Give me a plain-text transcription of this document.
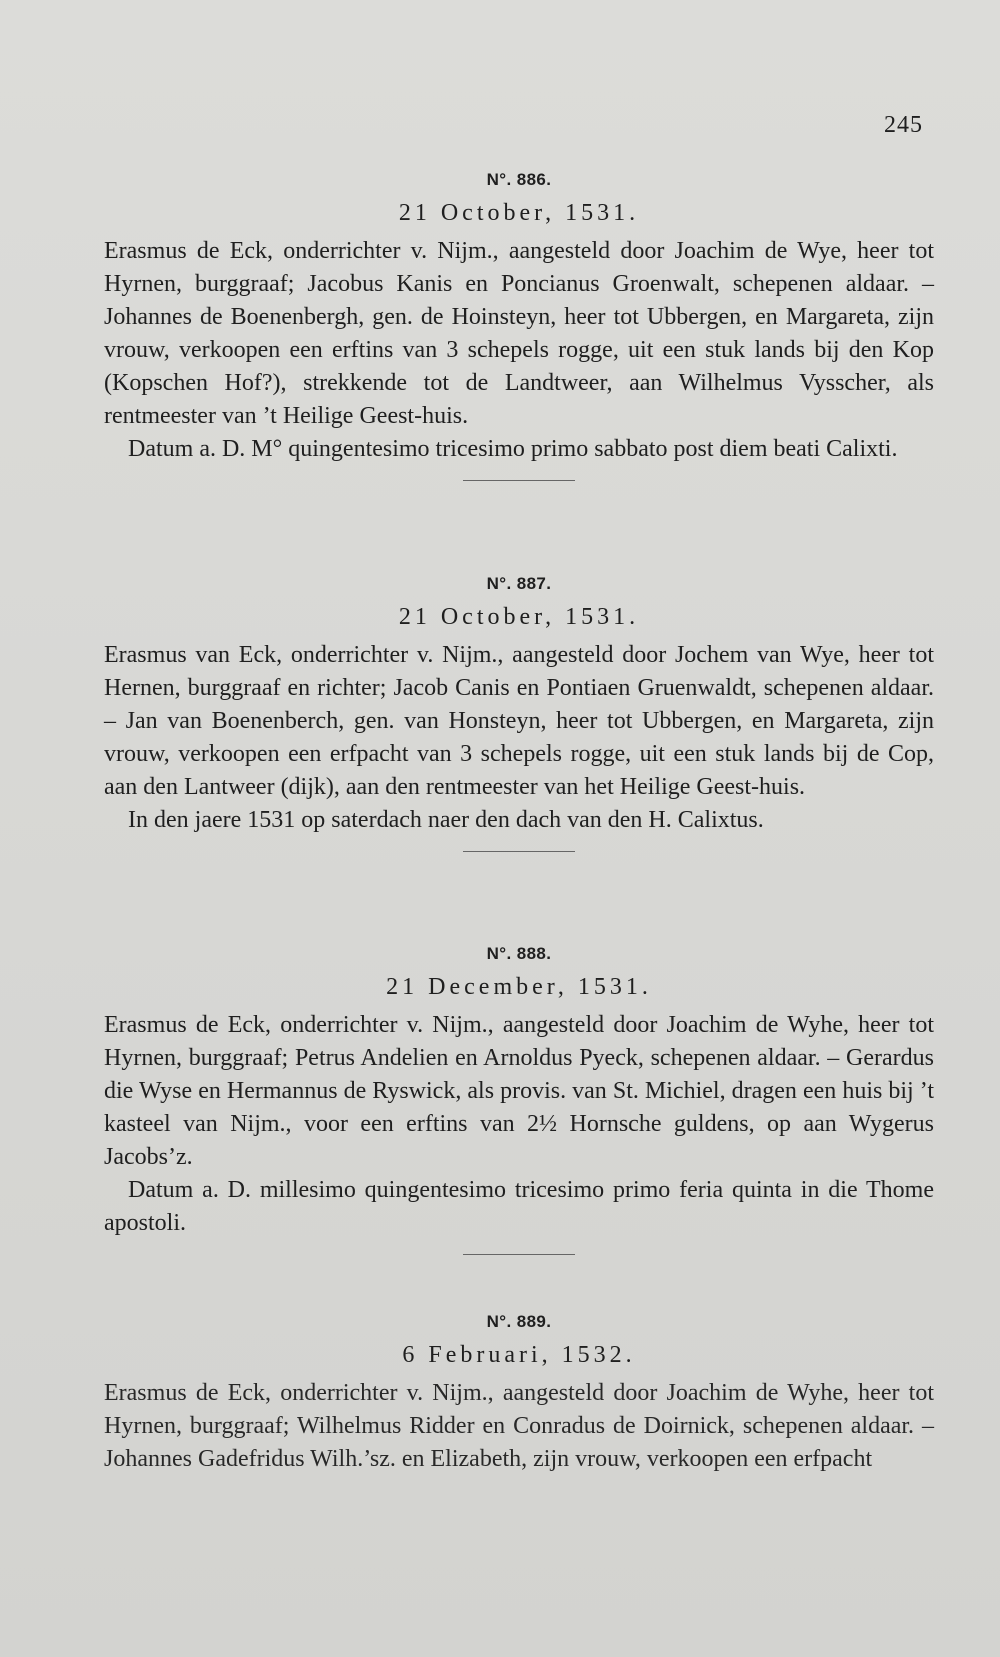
245
N°. 886.
21 October, 1531.

Erasmus de Eck, onderrichter v. Nijm., aangesteld door Joachim de Wye, heer tot Hyrnen, burggraaf; Jacobus Kanis en Poncianus Groenwalt, schepenen aldaar. – Johannes de Boenenbergh, gen. de Hoinsteyn, heer tot Ubbergen, en Margareta, zijn vrouw, verkoopen een erftins van 3 schepels rogge, uit een stuk lands bij den Kop (Kopschen Hof?), strekkende tot de Landtweer, aan Wilhelmus Vysscher, als rentmeester van ’t Heilige Geest-huis.

Datum a. D. M° quingentesimo tricesimo primo sabbato post diem beati Calixti.

N°. 887.
21 October, 1531.

Erasmus van Eck, onderrichter v. Nijm., aangesteld door Jochem van Wye, heer tot Hernen, burggraaf en richter; Jacob Canis en Pontiaen Gruenwaldt, schepenen aldaar. – Jan van Boenenberch, gen. van Honsteyn, heer tot Ubbergen, en Margareta, zijn vrouw, verkoopen een erfpacht van 3 schepels rogge, uit een stuk lands bij de Cop, aan den Lantweer (dijk), aan den rentmeester van het Heilige Geest-huis.

In den jaere 1531 op saterdach naer den dach van den H. Calixtus.

N°. 888.
21 December, 1531.

Erasmus de Eck, onderrichter v. Nijm., aangesteld door Joachim de Wyhe, heer tot Hyrnen, burggraaf; Petrus Andelien en Arnoldus Pyeck, schepenen aldaar. – Gerardus die Wyse en Hermannus de Ryswick, als provis. van St. Michiel, dragen een huis bij ’t kasteel van Nijm., voor een erftins van 2½ Hornsche guldens, op aan Wygerus Jacobs’z.

Datum a. D. millesimo quingentesimo tricesimo primo feria quinta in die Thome apostoli.

N°. 889.
6 Februari, 1532.

Erasmus de Eck, onderrichter v. Nijm., aangesteld door Joachim de Wyhe, heer tot Hyrnen, burggraaf; Wilhelmus Ridder en Conradus de Doirnick, schepenen aldaar. – Johannes Gadefridus Wilh.’sz. en Elizabeth, zijn vrouw, verkoopen een erfpacht
